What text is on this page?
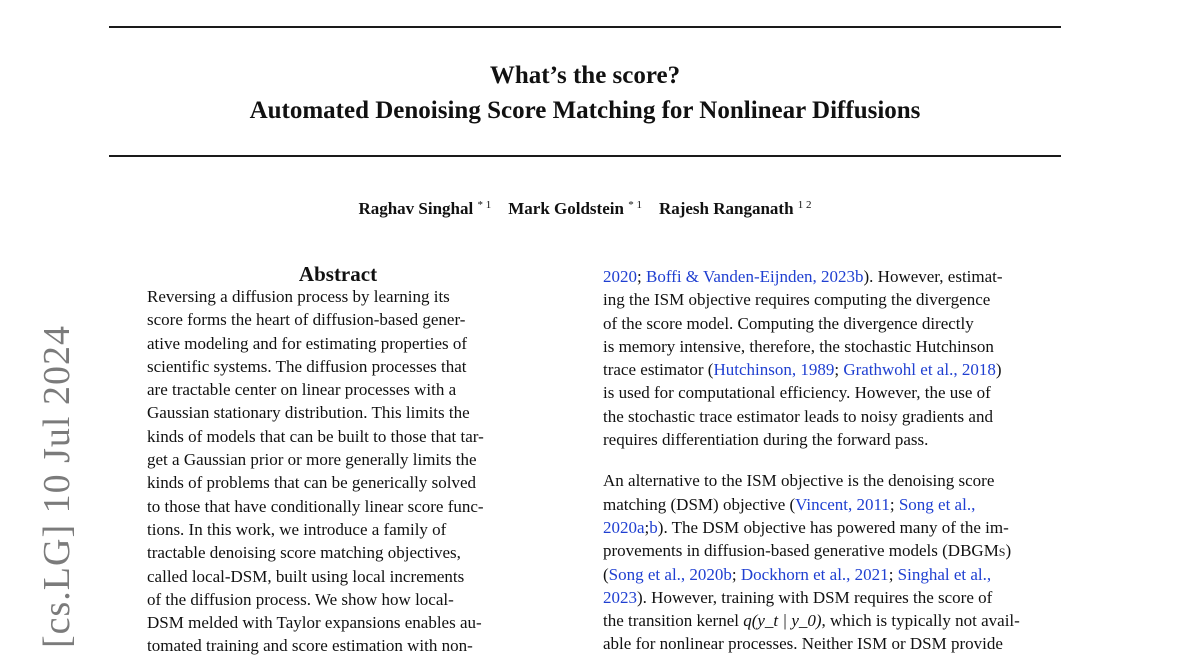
What’s the score?
Automated Denoising Score Matching for Nonlinear Diffusions
Raghav Singhal $^{* 1}$ Mark Goldstein $^{* 1}$ Rajesh Ranganath $^{1 2}$
[cs.LG] 10 Jul 2024
Abstract
Reversing a diffusion process by learning its
score forms the heart of diffusion-based gener-
ative modeling and for estimating properties of
scientific systems. The diffusion processes that
are tractable center on linear processes with a
Gaussian stationary distribution. This limits the
kinds of models that can be built to those that tar-
get a Gaussian prior or more generally limits the
kinds of problems that can be generically solved
to those that have conditionally linear score func-
tions. In this work, we introduce a family of
tractable denoising score matching objectives,
called local-DSM, built using local increments
of the diffusion process. We show how local-
DSM melded with Taylor expansions enables au-
tomated training and score estimation with non-
2020; Boffi & Vanden-Eijnden, 2023b). However, estimat-
ing the ISM objective requires computing the divergence
of the score model. Computing the divergence directly
is memory intensive, therefore, the stochastic Hutchinson
trace estimator (Hutchinson, 1989; Grathwohl et al., 2018)
is used for computational efficiency. However, the use of
the stochastic trace estimator leads to noisy gradients and
requires differentiation during the forward pass.
An alternative to the ISM objective is the denoising score
matching (DSM) objective (Vincent, 2011; Song et al.,
2020a;b). The DSM objective has powered many of the im-
provements in diffusion-based generative models (DBGMs)
(Song et al., 2020b; Dockhorn et al., 2021; Singhal et al.,
2023). However, training with DSM requires the score of
the transition kernel q(y_t | y_0), which is typically not avail-
able for nonlinear processes. Neither ISM or DSM provide
